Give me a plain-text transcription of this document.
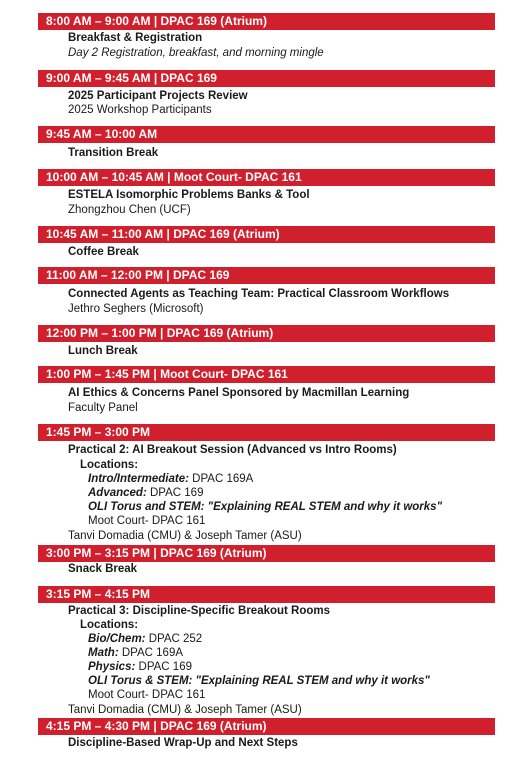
8:00 AM – 9:00 AM | DPAC 169 (Atrium)
Breakfast & Registration
Day 2 Registration, breakfast, and morning mingle
9:00 AM – 9:45 AM | DPAC 169
2025 Participant Projects Review
2025 Workshop Participants
9:45 AM – 10:00 AM
Transition Break
10:00 AM – 10:45 AM | Moot Court- DPAC 161
ESTELA Isomorphic Problems Banks & Tool
Zhongzhou Chen (UCF)
10:45 AM – 11:00 AM | DPAC 169 (Atrium)
Coffee Break
11:00 AM – 12:00 PM | DPAC 169
Connected Agents as Teaching Team: Practical Classroom Workflows
Jethro Seghers (Microsoft)
12:00 PM – 1:00 PM | DPAC 169 (Atrium)
Lunch Break
1:00 PM – 1:45 PM | Moot Court- DPAC 161
AI Ethics & Concerns Panel Sponsored by Macmillan Learning
Faculty Panel
1:45 PM – 3:00 PM
Practical 2: AI Breakout Session (Advanced vs Intro Rooms)
Locations:
Intro/Intermediate: DPAC 169A
Advanced: DPAC 169
OLI Torus and STEM: "Explaining REAL STEM and why it works"
Moot Court- DPAC 161
Tanvi Domadia (CMU) & Joseph Tamer (ASU)
3:00 PM – 3:15 PM | DPAC 169 (Atrium)
Snack Break
3:15 PM – 4:15 PM
Practical 3: Discipline-Specific Breakout Rooms
Locations:
Bio/Chem: DPAC 252
Math: DPAC 169A
Physics: DPAC 169
OLI Torus & STEM: "Explaining REAL STEM and why it works"
Moot Court- DPAC 161
Tanvi Domadia (CMU) & Joseph Tamer (ASU)
4:15 PM – 4:30 PM | DPAC 169 (Atrium)
Discipline-Based Wrap-Up and Next Steps
